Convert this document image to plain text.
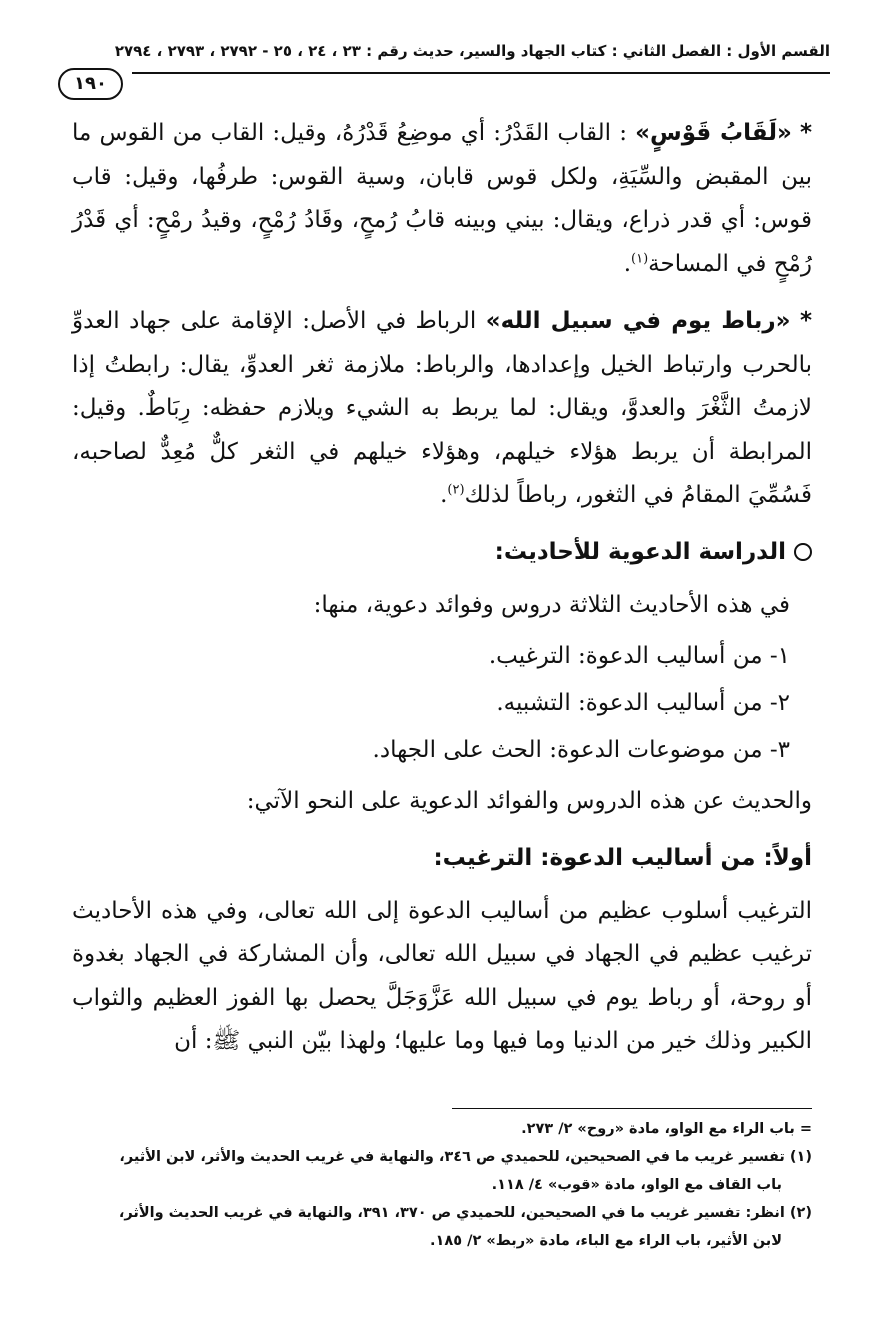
القسم الأول : الفصل الثاني : كتاب الجهاد والسير، حديث رقم : ٢٣ ، ٢٤ ، ٢٥ - ٢٧٩٢ ، ٢٧٩٣ ، ٢٧٩٤
١٩٠

* «لَقَابُ قَوْسٍ» : القاب القَدْرُ: أي موضِعُ قَدْرُهُ، وقيل: القاب من القوس ما بين المقبض والسِّيَةِ، ولكل قوس قابان، وسية القوس: طرفُها، وقيل: قاب قوس: أي قدر ذراع، ويقال: بيني وبينه قابُ رُمحٍ، وقَادُ رُمْحٍ، وقيدُ رمْحٍ: أي قَدْرُ رُمْحٍ في المساحة$^{(١)}$.

* «رباط يوم في سبيل الله» الرباط في الأصل: الإقامة على جهاد العدوِّ بالحرب وارتباط الخيل وإعدادها، والرباط: ملازمة ثغر العدوِّ، يقال: رابطتُ إذا لازمتُ الثَّغْرَ والعدوَّ، ويقال: لما يربط به الشيء ويلازم حفظه: رِبَاطٌ. وقيل: المرابطة أن يربط هؤلاء خيلهم، وهؤلاء خيلهم في الثغر كلٌّ مُعِدٌّ لصاحبه، فَسُمِّيَ المقامُ في الثغور، رباطاً لذلك$^{(٢)}$.

الدراسة الدعوية للأحاديث:

في هذه الأحاديث الثلاثة دروس وفوائد دعوية، منها:

١- من أساليب الدعوة: الترغيب.
٢- من أساليب الدعوة: التشبيه.
٣- من موضوعات الدعوة: الحث على الجهاد.

والحديث عن هذه الدروس والفوائد الدعوية على النحو الآتي:

أولاً: من أساليب الدعوة: الترغيب:

الترغيب أسلوب عظيم من أساليب الدعوة إلى الله تعالى، وفي هذه الأحاديث ترغيب عظيم في الجهاد في سبيل الله تعالى، وأن المشاركة في الجهاد بغدوة أو روحة، أو رباط يوم في سبيل الله عَزَّوَجَلَّ يحصل بها الفوز العظيم والثواب الكبير وذلك خير من الدنيا وما فيها وما عليها؛ ولهذا بيّن النبي ﷺ: أن

= باب الراء مع الواو، مادة «روح» ٢/ ٢٧٣.

(١) تفسير غريب ما في الصحيحين، للحميدي ص ٣٤٦، والنهاية في غريب الحديث والأثر، لابن الأثير،

باب القاف مع الواو، مادة «قوب» ٤/ ١١٨.

(٢) انظر: تفسير غريب ما في الصحيحين، للحميدي ص ٣٧٠، ٣٩١، والنهاية في غريب الحديث والأثر،

لابن الأثير، باب الراء مع الباء، مادة «ربط» ٢/ ١٨٥.
